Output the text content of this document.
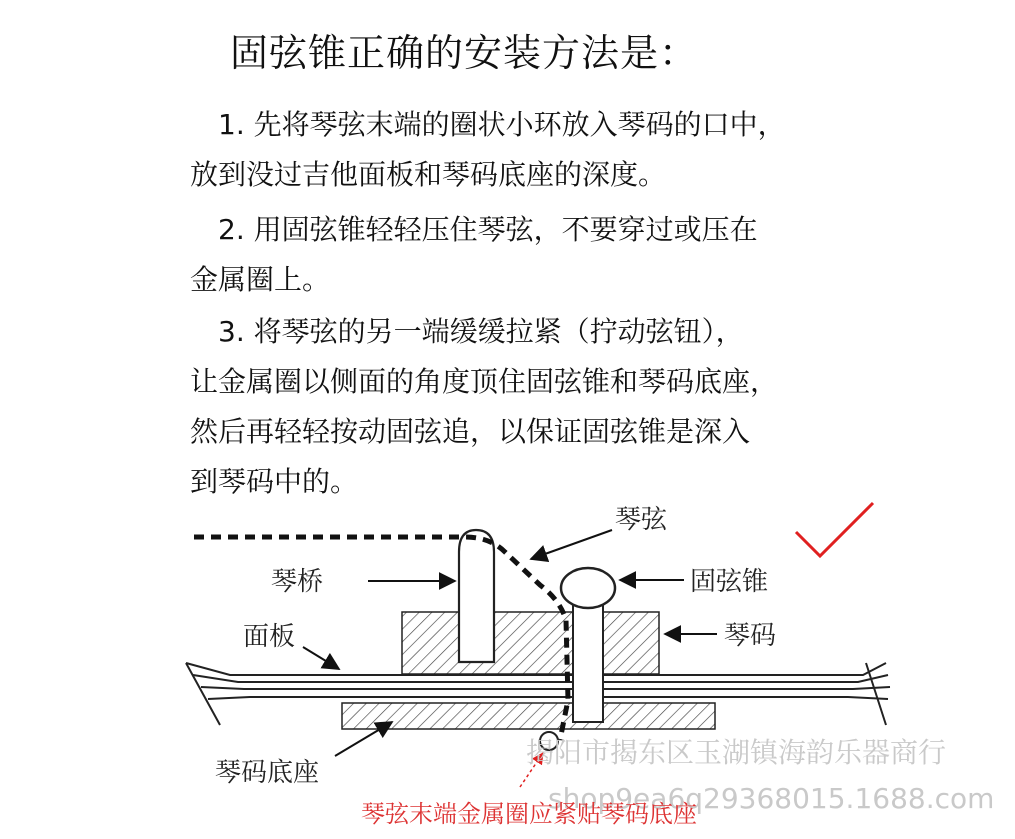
固弦锥正确的安装方法是：
1. 先将琴弦末端的圈状小环放入琴码的口中，
放到没过吉他面板和琴码底座的深度。
2. 用固弦锥轻轻压住琴弦，不要穿过或压在
金属圈上。
3. 将琴弦的另一端缓缓拉紧（拧动弦钮），
让金属圈以侧面的角度顶住固弦锥和琴码底座，
然后再轻轻按动固弦追，以保证固弦锥是深入
到琴码中的。
琴弦
琴桥	固弦锥
琴码
面板
琴码底座
揭阳市揭东区玉湖镇海韵乐器商行
shop9ea6q29368015.1688.com
琴弦末端金属圈应紧贴琴码底座
